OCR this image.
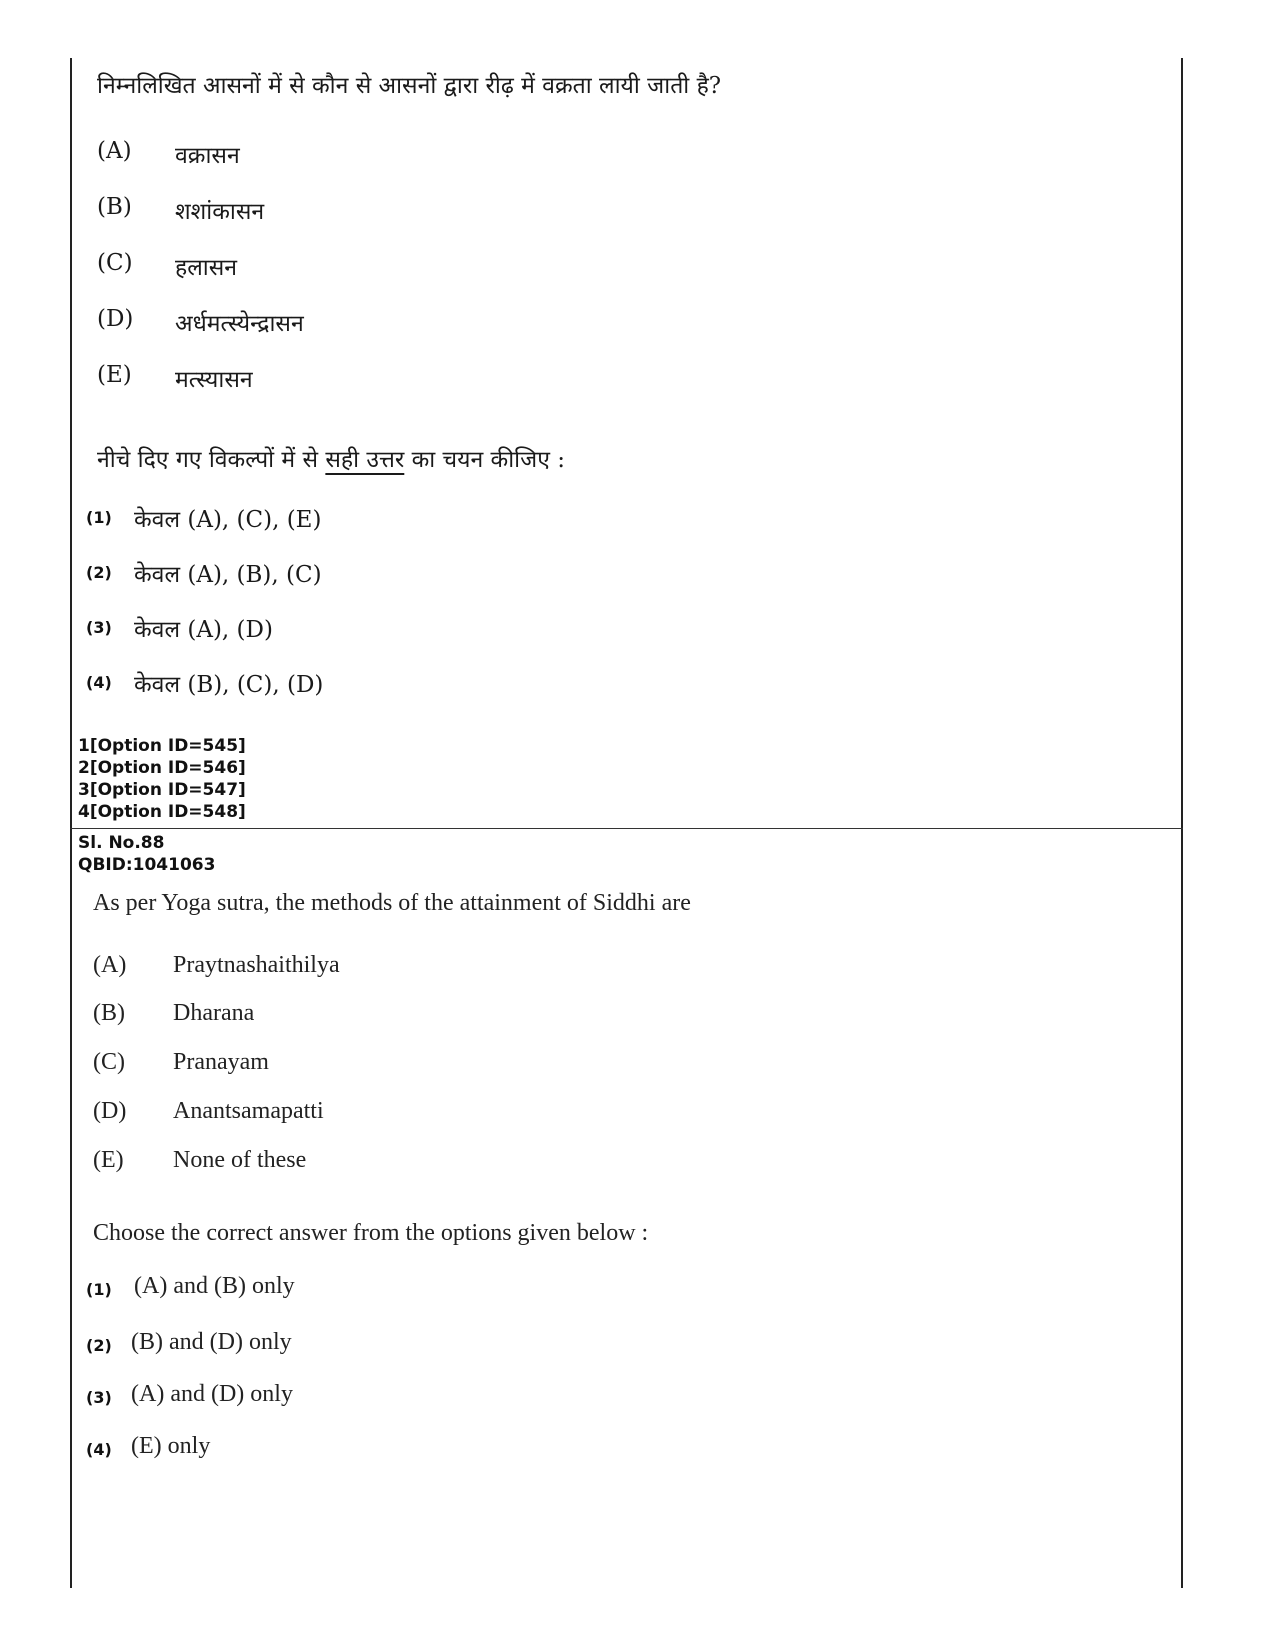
निम्नलिखित आसनों में से कौन से आसनों द्वारा रीढ़ में वक्रता लायी जाती है?
(A) वक्रासन
(B) शशांकासन
(C) हलासन
(D) अर्धमत्स्येन्द्रासन
(E) मत्स्यासन
नीचे दिए गए विकल्पों में से सही उत्तर का चयन कीजिए :
(1) केवल (A), (C), (E)
(2) केवल (A), (B), (C)
(3) केवल (A), (D)
(4) केवल (B), (C), (D)
1[Option ID=545]
2[Option ID=546]
3[Option ID=547]
4[Option ID=548]
Sl. No.88
QBID:1041063
As per Yoga sutra, the methods of the attainment of Siddhi are
(A) Praytnashaithilya
(B) Dharana
(C) Pranayam
(D) Anantsamapatti
(E) None of these
Choose the correct answer from the options given below :
(1) (A) and (B) only
(2) (B) and (D) only
(3) (A) and (D) only
(4) (E) only
